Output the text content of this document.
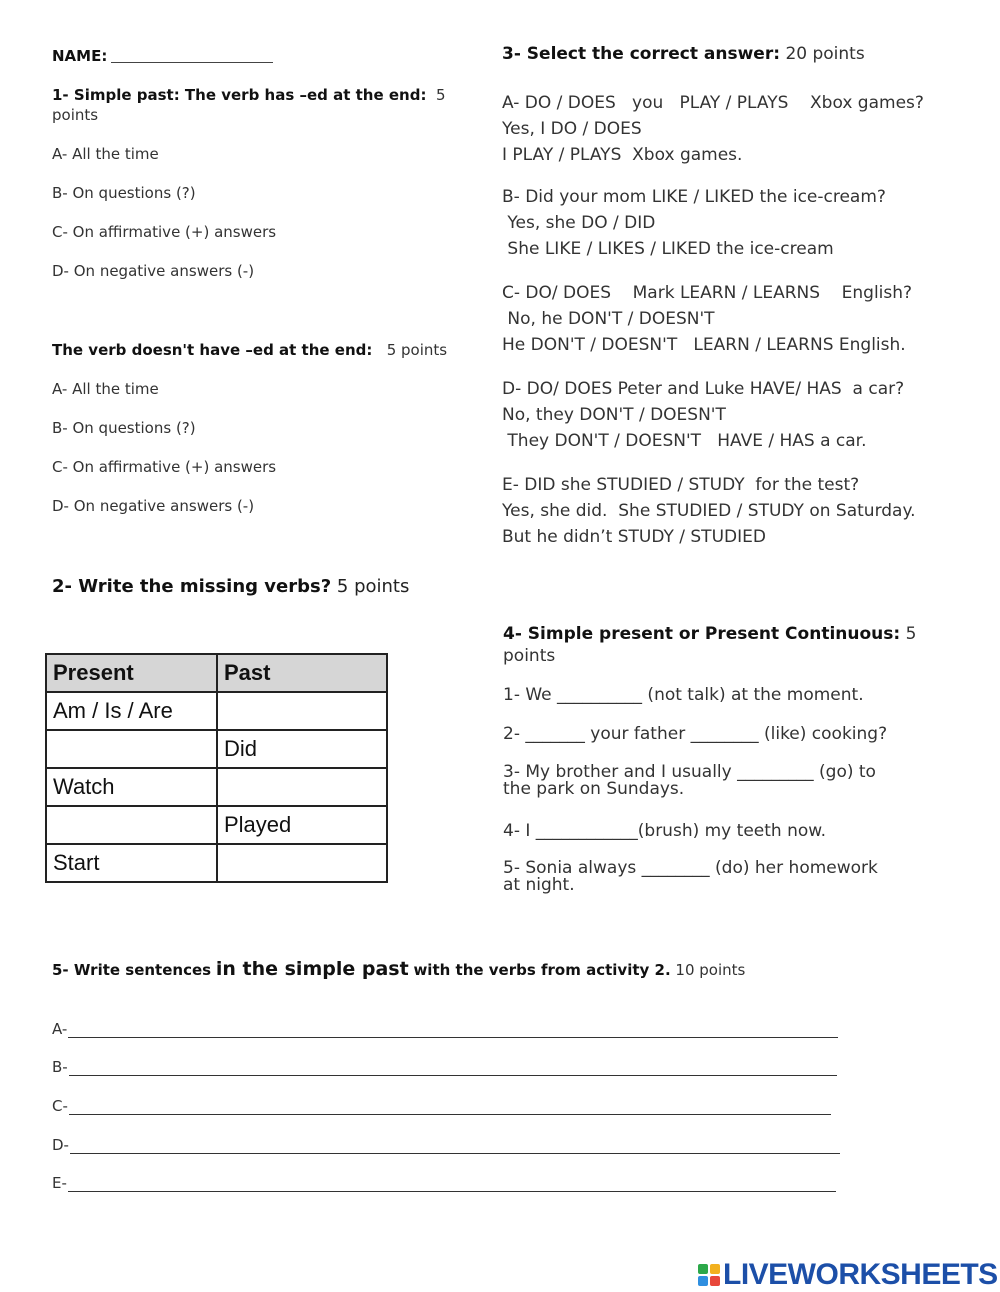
NAME:
1- Simple past: The verb has –ed at the end: 5
points
A- All the time
B- On questions (?)
C- On affirmative (+) answers
D- On negative answers (-)
The verb doesn't have –ed at the end: 5 points
A- All the time
B- On questions (?)
C- On affirmative (+) answers
D- On negative answers (-)
2- Write the missing verbs? 5 points
Present	Past
Am / Is / Are	
	Did
Watch	
	Played
Start	
3- Select the correct answer: 20 points
A- DO / DOES   you   PLAY / PLAYS    Xbox games?
Yes, I DO / DOES
I PLAY / PLAYS  Xbox games.
B- Did your mom LIKE / LIKED the ice-cream?
Yes, she DO / DID
She LIKE / LIKES / LIKED the ice-cream
C- DO/ DOES    Mark LEARN / LEARNS    English?
No, he DON'T / DOESN'T
He DON'T / DOESN'T   LEARN / LEARNS English.
D- DO/ DOES Peter and Luke HAVE/ HAS  a car?
No, they DON'T / DOESN'T
They DON'T / DOESN'T   HAVE / HAS a car.
E- DID she STUDIED / STUDY  for the test?
Yes, she did.  She STUDIED / STUDY on Saturday.
But he didn’t STUDY / STUDIED
4- Simple present or Present Continuous: 5
points
1- We __________ (not talk) at the moment.
2- _______ your father ________ (like) cooking?
3- My brother and I usually _________ (go) to
the park on Sundays.
4- I ____________(brush) my teeth now.
5- Sonia always ________ (do) her homework
at night.
5- Write sentences in the simple past with the verbs from activity 2. 10 points
A-
B-
C-
D-
E-
LIVEWORKSHEETS
